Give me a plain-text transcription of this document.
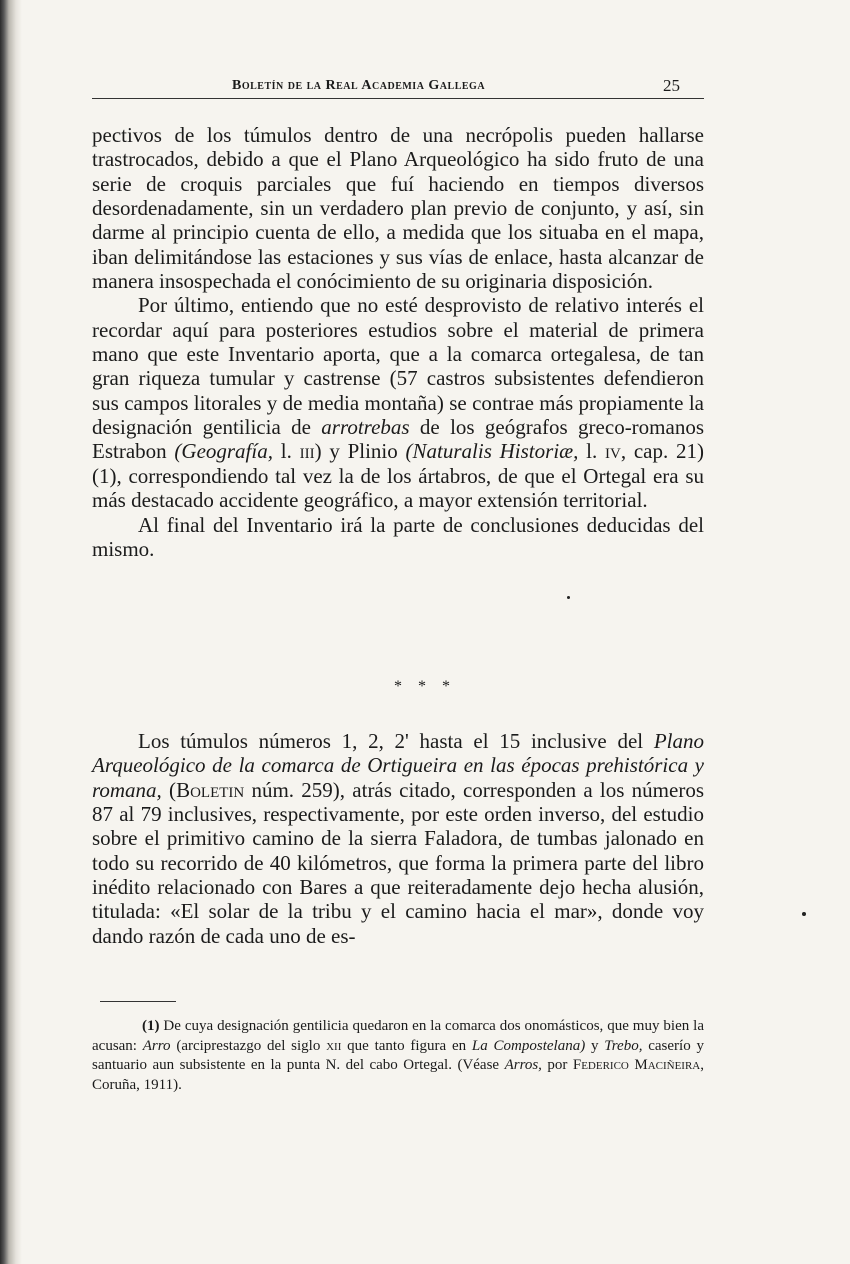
Boletín de la Real Academia Gallega	25

pectivos de los túmulos dentro de una necrópolis pueden hallarse trastrocados, debido a que el Plano Arqueológico ha sido fruto de una serie de croquis parciales que fuí haciendo en tiempos diversos desordenadamente, sin un verdadero plan previo de conjunto, y así, sin darme al principio cuenta de ello, a medida que los situaba en el mapa, iban delimitándose las estaciones y sus vías de enlace, hasta alcanzar de manera insospechada el conócimiento de su originaria disposición.

Por último, entiendo que no esté desprovisto de relativo interés el recordar aquí para posteriores estudios sobre el material de primera mano que este Inventario aporta, que a la comarca ortegalesa, de tan gran riqueza tumular y castrense (57 castros subsistentes defendieron sus campos litorales y de media montaña) se contrae más propiamente la designación gentilicia de arrotrebas de los geógrafos greco-romanos Estrabon (Geografía, l. iii) y Plinio (Naturalis Historiæ, l. iv, cap. 21) (1), correspondiendo tal vez la de los ártabros, de que el Ortegal era su más destacado accidente geográfico, a mayor extensión territorial.

Al final del Inventario irá la parte de conclusiones deducidas del mismo.

* * *

Los túmulos números 1, 2, 2' hasta el 15 inclusive del Plano Arqueológico de la comarca de Ortigueira en las épocas prehistórica y romana, (Boletin núm. 259), atrás citado, corresponden a los números 87 al 79 inclusives, respectivamente, por este orden inverso, del estudio sobre el primitivo camino de la sierra Faladora, de tumbas jalonado en todo su recorrido de 40 kilómetros, que forma la primera parte del libro inédito relacionado con Bares a que reiteradamente dejo hecha alusión, titulada: «El solar de la tribu y el camino hacia el mar», donde voy dando razón de cada uno de es-

(1) De cuya designación gentilicia quedaron en la comarca dos onomásticos, que muy bien la acusan: Arro (arciprestazgo del siglo xii que tanto figura en La Compostelana) y Trebo, caserío y santuario aun subsistente en la punta N. del cabo Ortegal. (Véase Arros, por Federico Maciñeira, Coruña, 1911).
